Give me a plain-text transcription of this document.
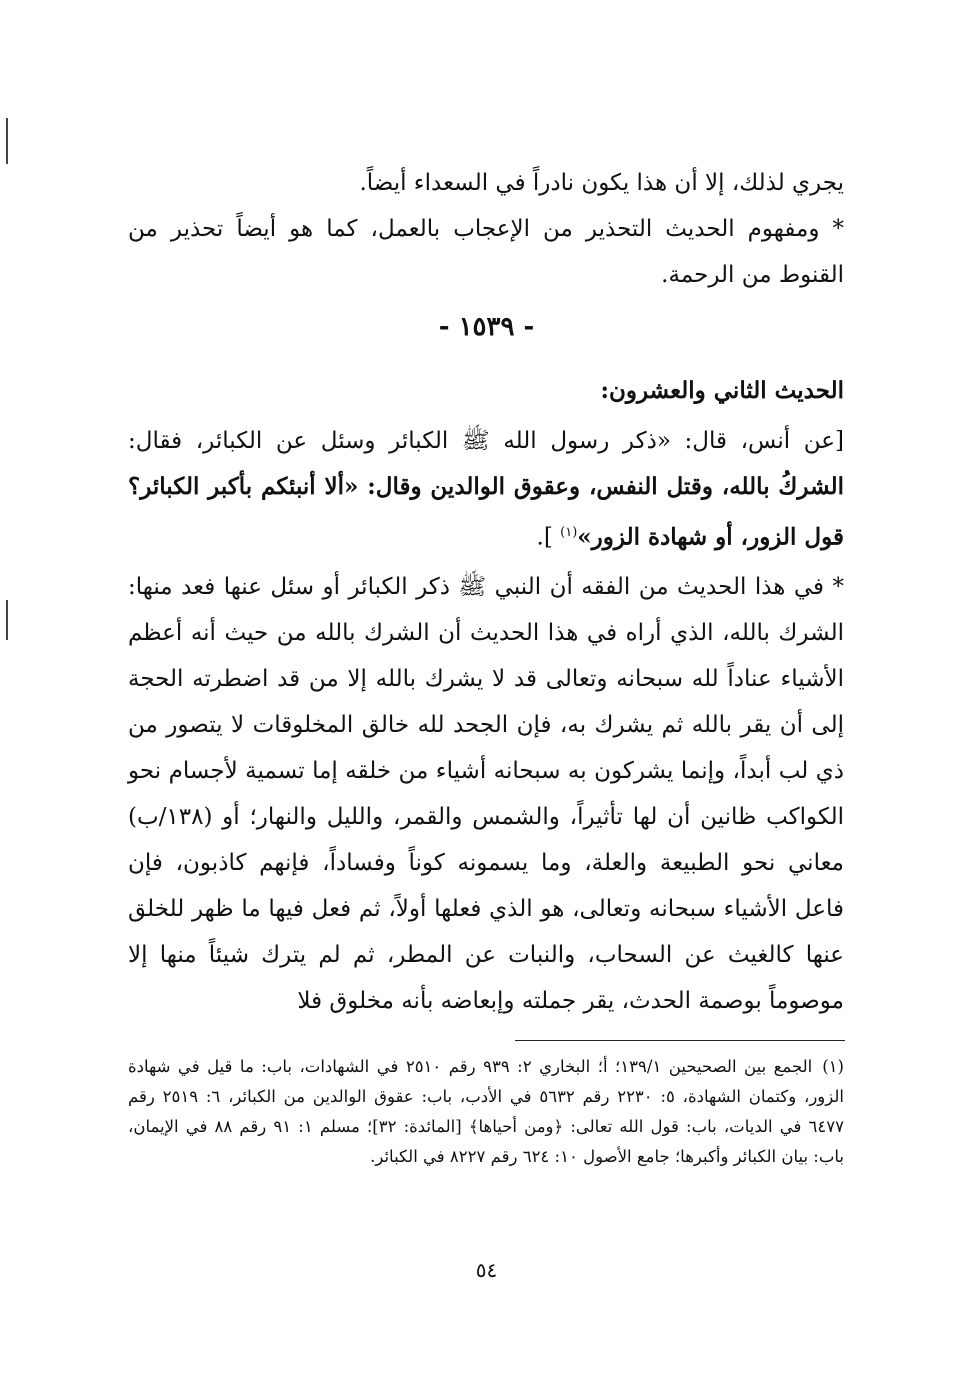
يجري لذلك، إلا أن هذا يكون نادراً في السعداء أيضاً.

* ومفهوم الحديث التحذير من الإعجاب بالعمل، كما هو أيضاً تحذير من القنوط من الرحمة.

- ١٥٣٩ -
الحديث الثاني والعشرون:
[عن أنس، قال: «ذكر رسول الله ﷺ الكبائر وسئل عن الكبائر، فقال: الشركُ بالله، وقتل النفس، وعقوق الوالدين وقال: «ألا أنبئكم بأكبر الكبائر؟ قول الزور، أو شهادة الزور»$^{(١)}$ ].
* في هذا الحديث من الفقه أن النبي ﷺ ذكر الكبائر أو سئل عنها فعد منها: الشرك بالله، الذي أراه في هذا الحديث أن الشرك بالله من حيث أنه أعظم الأشياء عناداً لله سبحانه وتعالى قد لا يشرك بالله إلا من قد اضطرته الحجة إلى أن يقر بالله ثم يشرك به، فإن الجحد لله خالق المخلوقات لا يتصور من ذي لب أبداً، وإنما يشركون به سبحانه أشياء من خلقه إما تسمية لأجسام نحو الكواكب ظانين أن لها تأثيراً، والشمس والقمر، والليل والنهار؛ أو (١٣٨/ب) معاني نحو الطبيعة والعلة، وما يسمونه كوناً وفساداً، فإنهم كاذبون، فإن فاعل الأشياء سبحانه وتعالى، هو الذي فعلها أولاً، ثم فعل فيها ما ظهر للخلق عنها كالغيث عن السحاب، والنبات عن المطر، ثم لم يترك شيئاً منها إلا موصوماً بوصمة الحدث، يقر جملته وإبعاضه بأنه مخلوق فلا
(١)الجمع بين الصحيحين ١٣٩/١؛ أ؛ البخاري ٢: ٩٣٩ رقم ٢٥١٠ في الشهادات، باب: ما قيل في شهادة الزور، وكتمان الشهادة، ٥: ٢٢٣٠ رقم ٥٦٣٢ في الأدب، باب: عقوق الوالدين من الكبائر، ٦: ٢٥١٩ رقم ٦٤٧٧ في الديات، باب: قول الله تعالى: ﴿ومن أحياها﴾ [المائدة: ٣٢]؛ مسلم ١: ٩١ رقم ٨٨ في الإيمان، باب: بيان الكبائر وأكبرها؛ جامع الأصول ١٠: ٦٢٤ رقم ٨٢٢٧ في الكبائر.
٥٤
